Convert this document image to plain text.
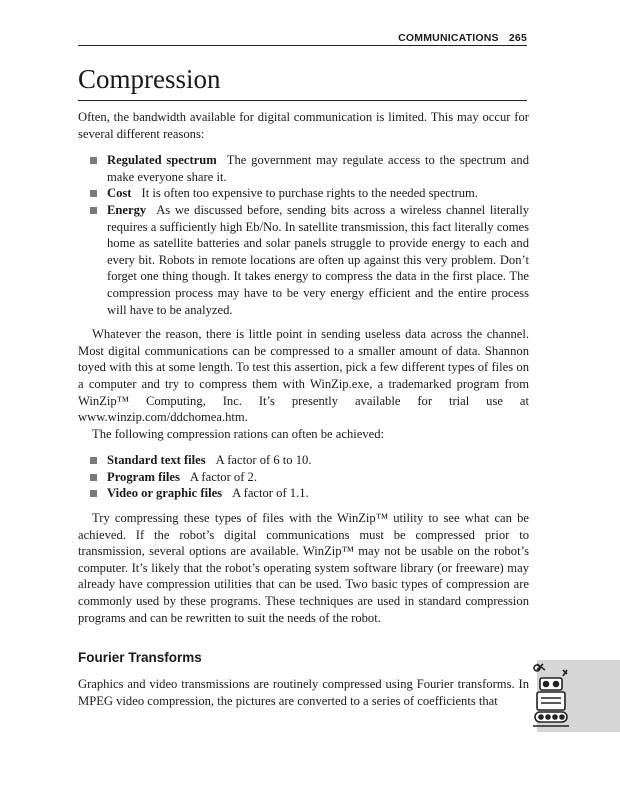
COMMUNICATIONS 265
Compression

Often, the bandwidth available for digital communication is limited. This may occur for several different reasons:

Regulated spectrum The government may regulate access to the spectrum and make everyone share it.
Cost It is often too expensive to purchase rights to the needed spectrum.
Energy As we discussed before, sending bits across a wireless channel literally requires a sufficiently high Eb/No. In satellite transmission, this fact literally comes home as satellite batteries and solar panels struggle to provide energy to each and every bit. Robots in remote locations are often up against this very problem. Don’t forget one thing though. It takes energy to compress the data in the first place. The compression process may have to be very energy efficient and the entire process will have to be analyzed.

Whatever the reason, there is little point in sending useless data across the channel. Most digital communications can be compressed to a smaller amount of data. Shannon toyed with this at some length. To test this assertion, pick a few different types of files on a computer and try to compress them with WinZip.exe, a trademarked program from WinZip™ Computing, Inc. It’s presently available for trial use at www.winzip.com/ddchomea.htm.

The following compression rations can often be achieved:

Standard text files A factor of 6 to 10.
Program files A factor of 2.
Video or graphic files A factor of 1.1.

Try compressing these types of files with the WinZip™ utility to see what can be achieved. If the robot’s digital communications must be compressed prior to transmission, several options are available. WinZip™ may not be usable on the robot’s computer. It’s likely that the robot’s operating system software library (or freeware) may already have compression utilities that can be used. Two basic types of compression are commonly used by these programs. These techniques are used in standard compression programs and can be rewritten to suit the needs of the robot.

Fourier Transforms

Graphics and video transmissions are routinely compressed using Fourier transforms. In MPEG video compression, the pictures are converted to a series of coefficients that
